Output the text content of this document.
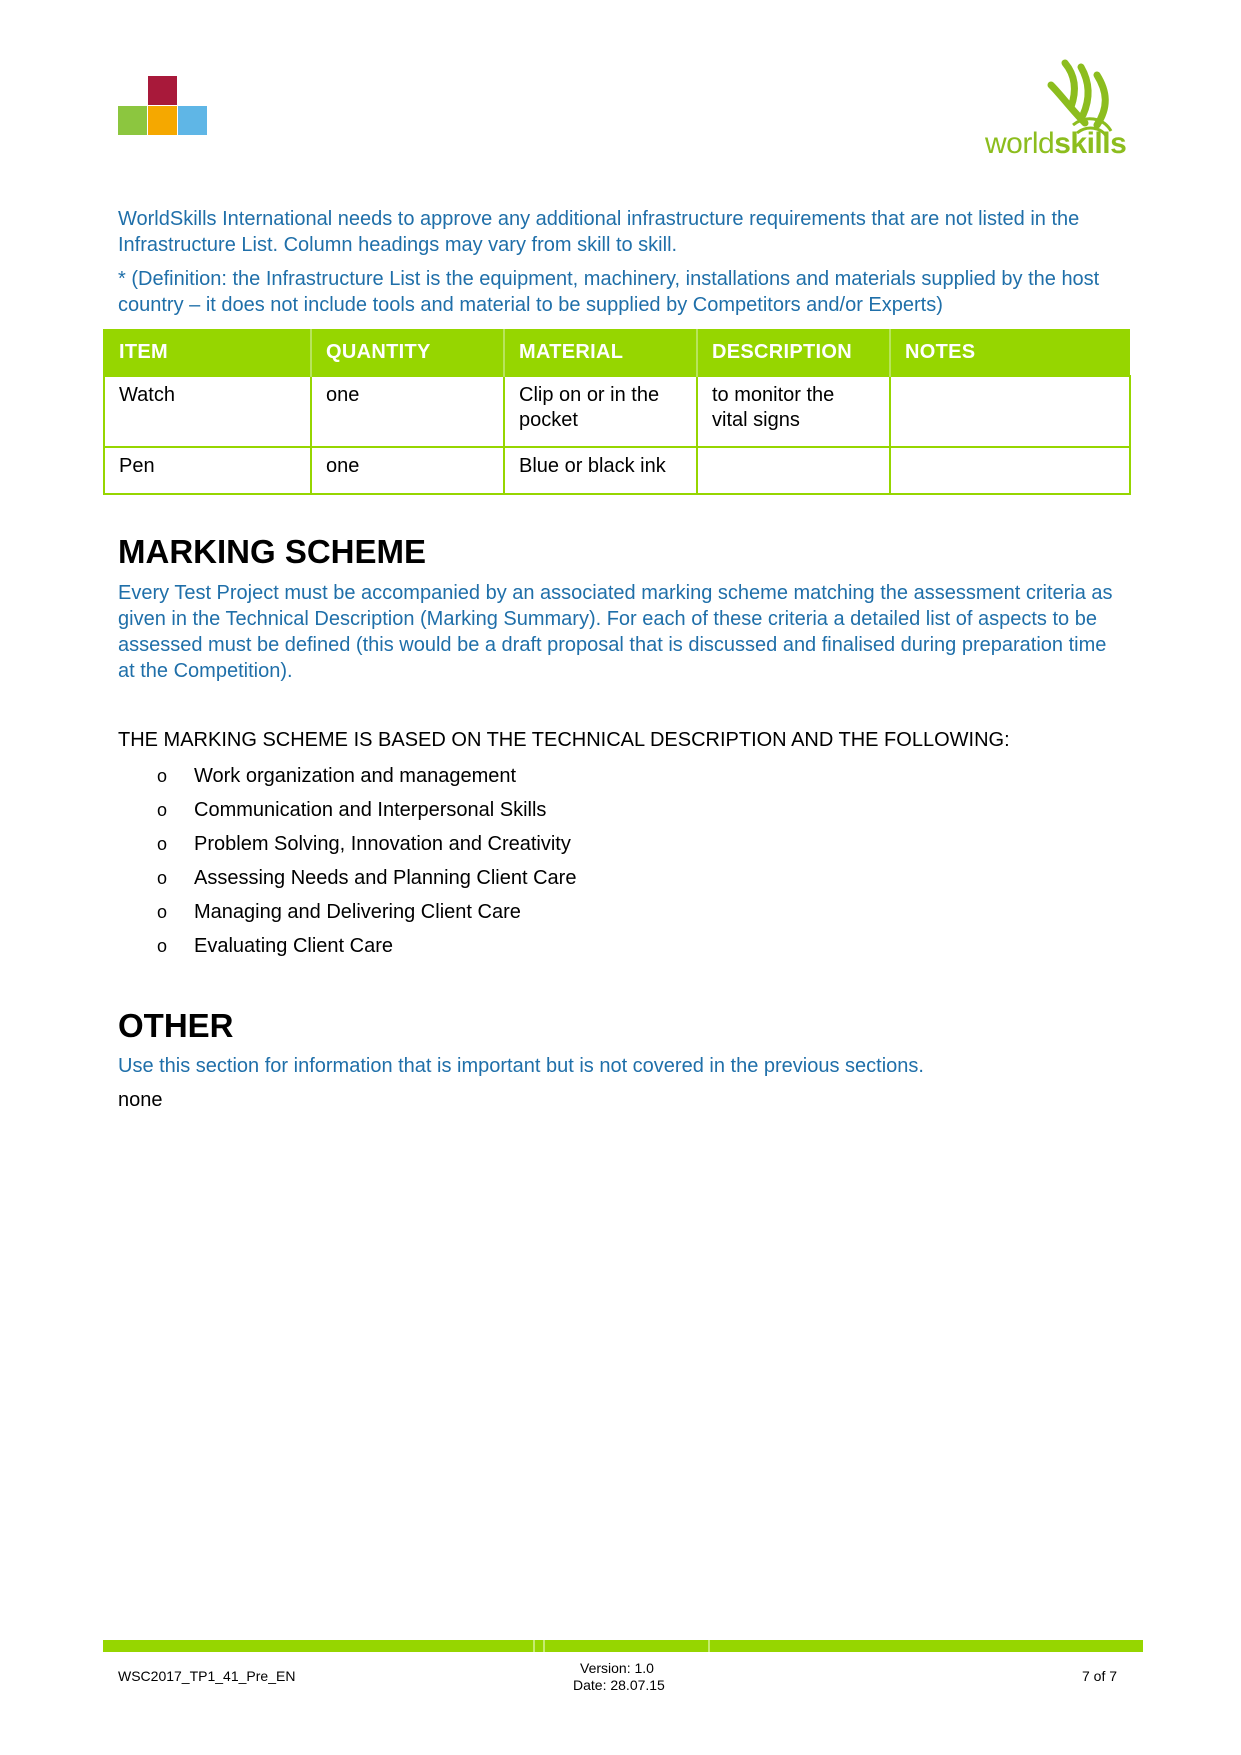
worldskills

WorldSkills International needs to approve any additional infrastructure requirements that are not listed in the Infrastructure List. Column headings may vary from skill to skill.

* (Definition: the Infrastructure List is the equipment, machinery, installations and materials supplied by the host country – it does not include tools and material to be supplied by Competitors and/or Experts)

ITEM	QUANTITY	MATERIAL	DESCRIPTION	NOTES
Watch	one	Clip on or in the pocket	to monitor the vital signs	
Pen	one	Blue or black ink		
MARKING SCHEME

Every Test Project must be accompanied by an associated marking scheme matching the assessment criteria as given in the Technical Description (Marking Summary). For each of these criteria a detailed list of aspects to be assessed must be defined (this would be a draft proposal that is discussed and finalised during preparation time at the Competition).

THE MARKING SCHEME IS BASED ON THE TECHNICAL DESCRIPTION AND THE FOLLOWING:

o	Work organization and management
o	Communication and Interpersonal Skills
o	Problem Solving, Innovation and Creativity
o	Assessing Needs and Planning Client Care
o	Managing and Delivering Client Care
o	Evaluating Client Care
OTHER

Use this section for information that is important but is not covered in the previous sections.

none

WSC2017_TP1_41_Pre_EN	Version: 1.0
Date: 28.07.15
7 of 7
